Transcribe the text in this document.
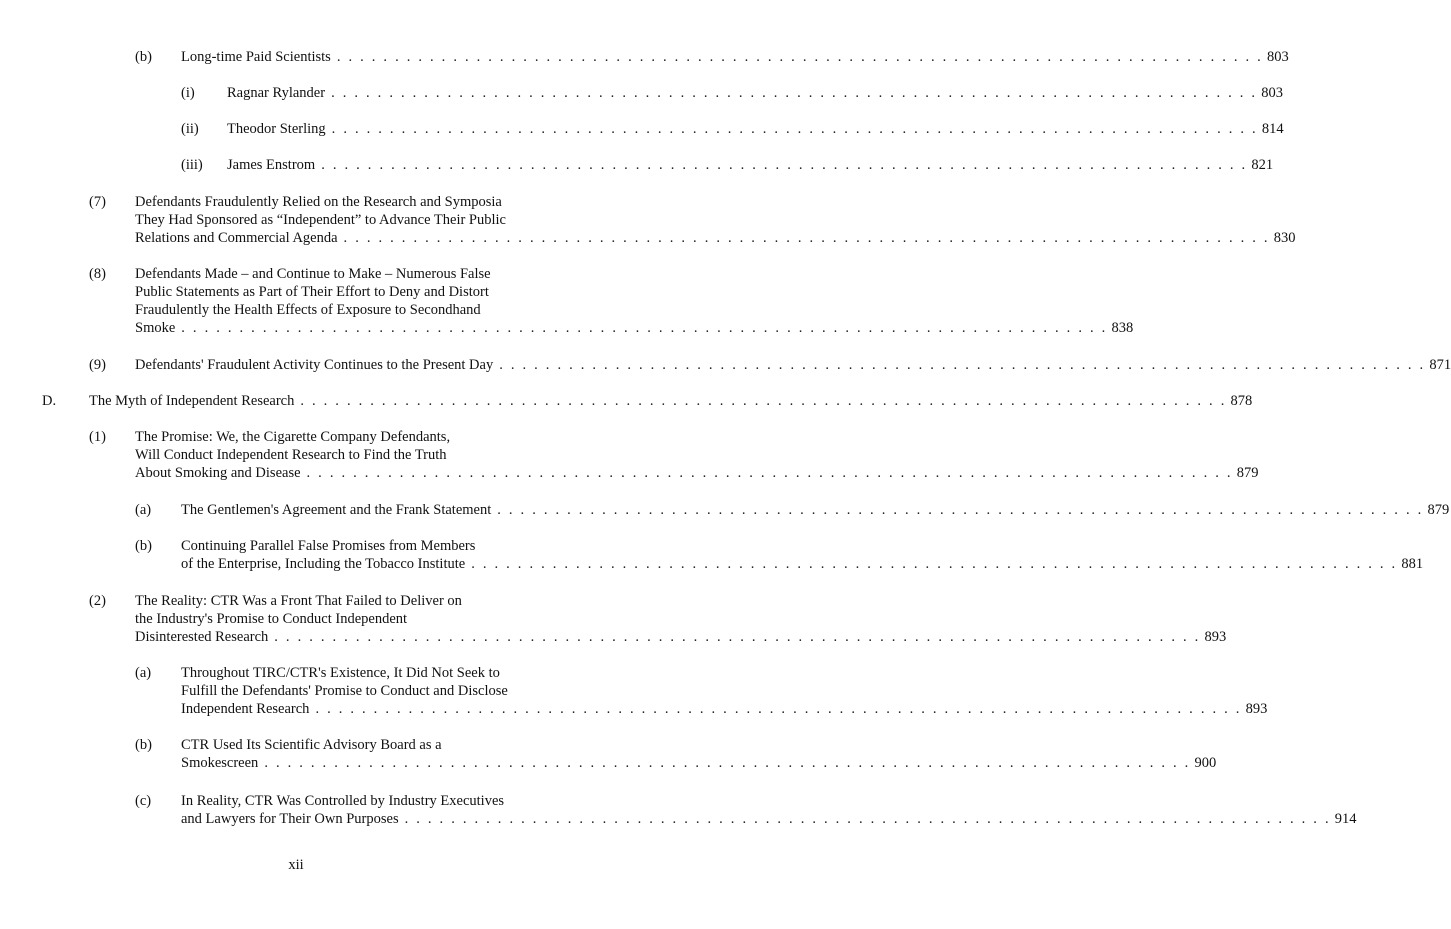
(b) Long-time Paid Scientists . . . . . . . . . . . . . . . . . . . . . . . . . . . . . . . . . . . . . . . . . . . . . . . . . . . . . . . . . . . . . . . . . . . . . . . . . . . . . . . . 803
(i) Ragnar Rylander . . . . . . . . . . . . . . . . . . . . . . . . . . . . . . . . . . . . . . . . . . . . . . . . . . . . . . . . . . . . . . . . . . . . . . . . . . . . . . . . 803
(ii) Theodor Sterling . . . . . . . . . . . . . . . . . . . . . . . . . . . . . . . . . . . . . . . . . . . . . . . . . . . . . . . . . . . . . . . . . . . . . . . . . . . . . . . . 814
(iii) James Enstrom . . . . . . . . . . . . . . . . . . . . . . . . . . . . . . . . . . . . . . . . . . . . . . . . . . . . . . . . . . . . . . . . . . . . . . . . . . . . . . . . 821
(7) Defendants Fraudulently Relied on the Research and Symposia
They Had Sponsored as “Independent” to Advance Their Public
Relations and Commercial Agenda . . . . . . . . . . . . . . . . . . . . . . . . . . . . . . . . . . . . . . . . . . . . . . . . . . . . . . . . . . . . . . . . . . . . . . . . . . . . . . . . 830
(8) Defendants Made – and Continue to Make – Numerous False
Public Statements as Part of Their Effort to Deny and Distort
Fraudulently the Health Effects of Exposure to Secondhand
Smoke . . . . . . . . . . . . . . . . . . . . . . . . . . . . . . . . . . . . . . . . . . . . . . . . . . . . . . . . . . . . . . . . . . . . . . . . . . . . . . . . 838
(9) Defendants' Fraudulent Activity Continues to the Present Day . . . . . . . . . . . . . . . . . . . . . . . . . . . . . . . . . . . . . . . . . . . . . . . . . . . . . . . . . . . . . . . . . . . . . . . . . . . . . . . . 871
D. The Myth of Independent Research . . . . . . . . . . . . . . . . . . . . . . . . . . . . . . . . . . . . . . . . . . . . . . . . . . . . . . . . . . . . . . . . . . . . . . . . . . . . . . . . 878
(1) The Promise: We, the Cigarette Company Defendants,
Will Conduct Independent Research to Find the Truth
About Smoking and Disease . . . . . . . . . . . . . . . . . . . . . . . . . . . . . . . . . . . . . . . . . . . . . . . . . . . . . . . . . . . . . . . . . . . . . . . . . . . . . . . . 879
(a) The Gentlemen's Agreement and the Frank Statement . . . . . . . . . . . . . . . . . . . . . . . . . . . . . . . . . . . . . . . . . . . . . . . . . . . . . . . . . . . . . . . . . . . . . . . . . . . . . . . . 879
(b) Continuing Parallel False Promises from Members
of the Enterprise, Including the Tobacco Institute . . . . . . . . . . . . . . . . . . . . . . . . . . . . . . . . . . . . . . . . . . . . . . . . . . . . . . . . . . . . . . . . . . . . . . . . . . . . . . . . 881
(2) The Reality: CTR Was a Front That Failed to Deliver on
the Industry's Promise to Conduct Independent
Disinterested Research . . . . . . . . . . . . . . . . . . . . . . . . . . . . . . . . . . . . . . . . . . . . . . . . . . . . . . . . . . . . . . . . . . . . . . . . . . . . . . . . 893
(a) Throughout TIRC/CTR's Existence, It Did Not Seek to
Fulfill the Defendants' Promise to Conduct and Disclose
Independent Research . . . . . . . . . . . . . . . . . . . . . . . . . . . . . . . . . . . . . . . . . . . . . . . . . . . . . . . . . . . . . . . . . . . . . . . . . . . . . . . . 893
(b) CTR Used Its Scientific Advisory Board as a
Smokescreen . . . . . . . . . . . . . . . . . . . . . . . . . . . . . . . . . . . . . . . . . . . . . . . . . . . . . . . . . . . . . . . . . . . . . . . . . . . . . . . . 900
(c) In Reality, CTR Was Controlled by Industry Executives
and Lawyers for Their Own Purposes . . . . . . . . . . . . . . . . . . . . . . . . . . . . . . . . . . . . . . . . . . . . . . . . . . . . . . . . . . . . . . . . . . . . . . . . . . . . . . . . 914
xii
